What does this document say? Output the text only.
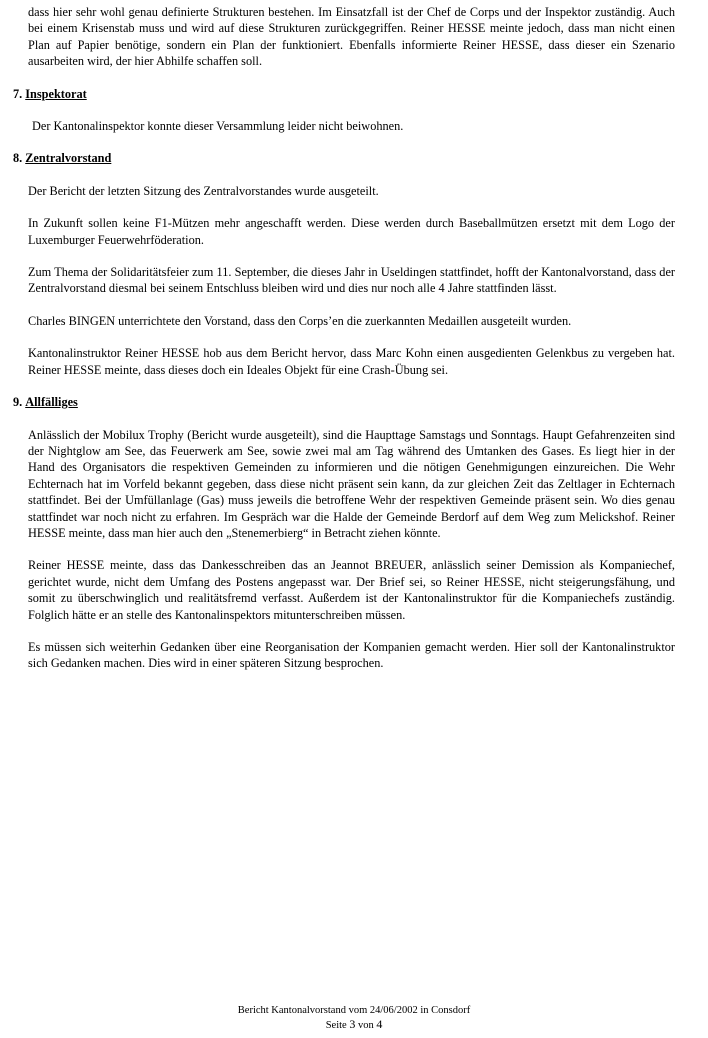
dass hier sehr wohl genau definierte Strukturen bestehen. Im Einsatzfall ist der Chef de Corps und der Inspektor zuständig. Auch bei einem Krisenstab muss und wird auf diese Strukturen zurückgegriffen. Reiner HESSE meinte jedoch, dass man nicht einen Plan auf Papier benötige, sondern ein Plan der funktioniert. Ebenfalls informierte Reiner HESSE, dass dieser ein Szenario ausarbeiten wird, der hier Abhilfe schaffen soll.

7. Inspektorat

Der Kantonalinspektor konnte dieser Versammlung leider nicht beiwohnen.

8. Zentralvorstand

Der Bericht der letzten Sitzung des Zentralvorstandes wurde ausgeteilt.

In Zukunft sollen keine F1-Mützen mehr angeschafft werden. Diese werden durch Baseballmützen ersetzt mit dem Logo der Luxemburger Feuerwehrföderation.

Zum Thema der Solidaritätsfeier zum 11. September, die dieses Jahr in Useldingen stattfindet, hofft der Kantonalvorstand, dass der Zentralvorstand diesmal bei seinem Entschluss bleiben wird und dies nur noch alle 4 Jahre stattfinden lässt.

Charles BINGEN unterrichtete den Vorstand, dass den Corps’en die zuerkannten Medaillen ausgeteilt wurden.

Kantonalinstruktor Reiner HESSE hob aus dem Bericht hervor, dass Marc Kohn einen ausgedienten Gelenkbus zu vergeben hat. Reiner HESSE meinte, dass dieses doch ein Ideales Objekt für eine Crash-Übung sei.

9. Allfälliges

Anlässlich der Mobilux Trophy (Bericht wurde ausgeteilt), sind die Haupttage Samstags und Sonntags. Haupt Gefahrenzeiten sind der Nightglow am See, das Feuerwerk am See, sowie zwei mal am Tag während des Umtanken des Gases. Es liegt hier in der Hand des Organisators die respektiven Gemeinden zu informieren und die nötigen Genehmigungen einzureichen. Die Wehr Echternach hat im Vorfeld bekannt gegeben, dass diese nicht präsent sein kann, da zur gleichen Zeit das Zeltlager in Echternach stattfindet. Bei der Umfüllanlage (Gas) muss jeweils die betroffene Wehr der respektiven Gemeinde präsent sein. Wo dies genau stattfindet war noch nicht zu erfahren. Im Gespräch war die Halde der Gemeinde Berdorf auf dem Weg zum Melickshof. Reiner HESSE meinte, dass man hier auch den „Stenemerbierg“ in Betracht ziehen könnte.

Reiner HESSE meinte, dass das Dankesschreiben das an Jeannot BREUER, anlässlich seiner Demission als Kompaniechef, gerichtet wurde, nicht dem Umfang des Postens angepasst war. Der Brief sei, so Reiner HESSE, nicht steigerungsfähung, und somit zu überschwinglich und realitätsfremd verfasst. Außerdem ist der Kantonalinstruktor für die Kompaniechefs zuständig. Folglich hätte er an stelle des Kantonalinspektors mitunterschreiben müssen.

Es müssen sich weiterhin Gedanken über eine Reorganisation der Kompanien gemacht werden. Hier soll der Kantonalinstruktor sich Gedanken machen. Dies wird in einer späteren Sitzung besprochen.

Bericht Kantonalvorstand vom 24/06/2002 in Consdorf
Seite 3 von 4
